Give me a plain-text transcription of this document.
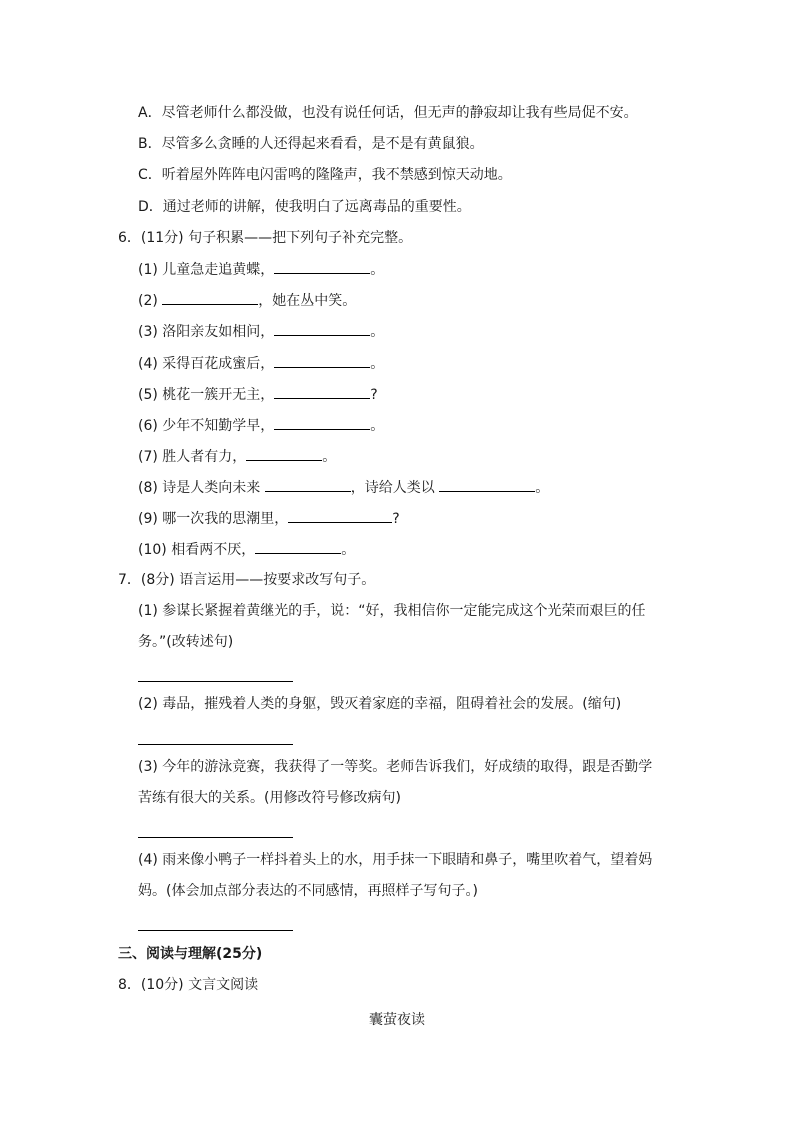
A．尽管老师什么都没做，也没有说任何话，但无声的静寂却让我有些局促不安。
B．尽管多么贪睡的人还得起来看看，是不是有黄鼠狼。
C．听着屋外阵阵电闪雷鸣的隆隆声，我不禁感到惊天动地。
D．通过老师的讲解，使我明白了远离毒品的重要性。
6．(11分) 句子积累——把下列句子补充完整。
(1) 儿童急走追黄蝶，	。
(2)	，她在丛中笑。
(3) 洛阳亲友如相问，	。
(4) 采得百花成蜜后，	。
(5) 桃花一簇开无主，	?
(6) 少年不知勤学早，	。
(7) 胜人者有力，	。
(8) 诗是人类向未来	，诗给人类以	。
(9) 哪一次我的思潮里，	?
(10) 相看两不厌，	。
7．(8分) 语言运用——按要求改写句子。
(1) 参谋长紧握着黄继光的手，说：“好，我相信你一定能完成这个光荣而艰巨的任
务。”(改转述句)
(2) 毒品，摧残着人类的身躯，毁灭着家庭的幸福，阻碍着社会的发展。(缩句)
(3) 今年的游泳竞赛，我获得了一等奖。老师告诉我们，好成绩的取得，跟是否勤学
苦练有很大的关系。(用修改符号修改病句)
(4) 雨来像小鸭子一样抖着头上的水，用手抹一下眼睛和鼻子，嘴里吹着气，望着妈
妈。(体会加点部分表达的不同感情，再照样子写句子。)
三、阅读与理解(25分)
8．(10分) 文言文阅读
囊萤夜读
